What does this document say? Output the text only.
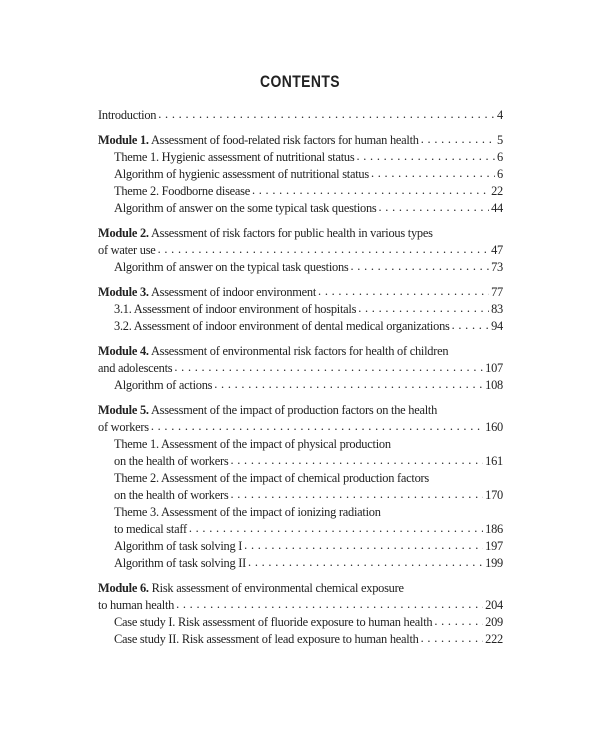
CONTENTS
Introduction . . .	4
Module 1. Assessment of food-related risk factors for human health . . .	5
Theme 1. Hygienic assessment of nutritional status . . .	6
Algorithm of hygienic assessment of nutritional status . . .	6
Theme 2. Foodborne disease . . .	22
Algorithm of answer on the some typical task questions . . .	44
Module 2. Assessment of risk factors for public health in various types
of water use . . .	47
Algorithm of answer on the typical task questions . . .	73
Module 3. Assessment of indoor environment . . .	77
3.1. Assessment of indoor environment of hospitals . . .	83
3.2. Assessment of indoor environment of dental medical organizations . . .	94
Module 4. Assessment of environmental risk factors for health of children
and adolescents . . .	107
Algorithm of actions . . .	108
Module 5. Assessment of the impact of production factors on the health
of workers . . .	160
Theme 1. Assessment of the impact of physical production
on the health of workers . . .	161
Theme 2. Assessment of the impact of chemical production factors
on the health of workers . . .	170
Theme 3. Assessment of the impact of ionizing radiation
to medical staff . . .	186
Algorithm of task solving I . . .	197
Algorithm of task solving II . . .	199
Module 6. Risk assessment of environmental chemical exposure
to human health . . .	204
Case study I. Risk assessment of fluoride exposure to human health . . .	209
Case study II. Risk assessment of lead exposure to human health . . .	222
